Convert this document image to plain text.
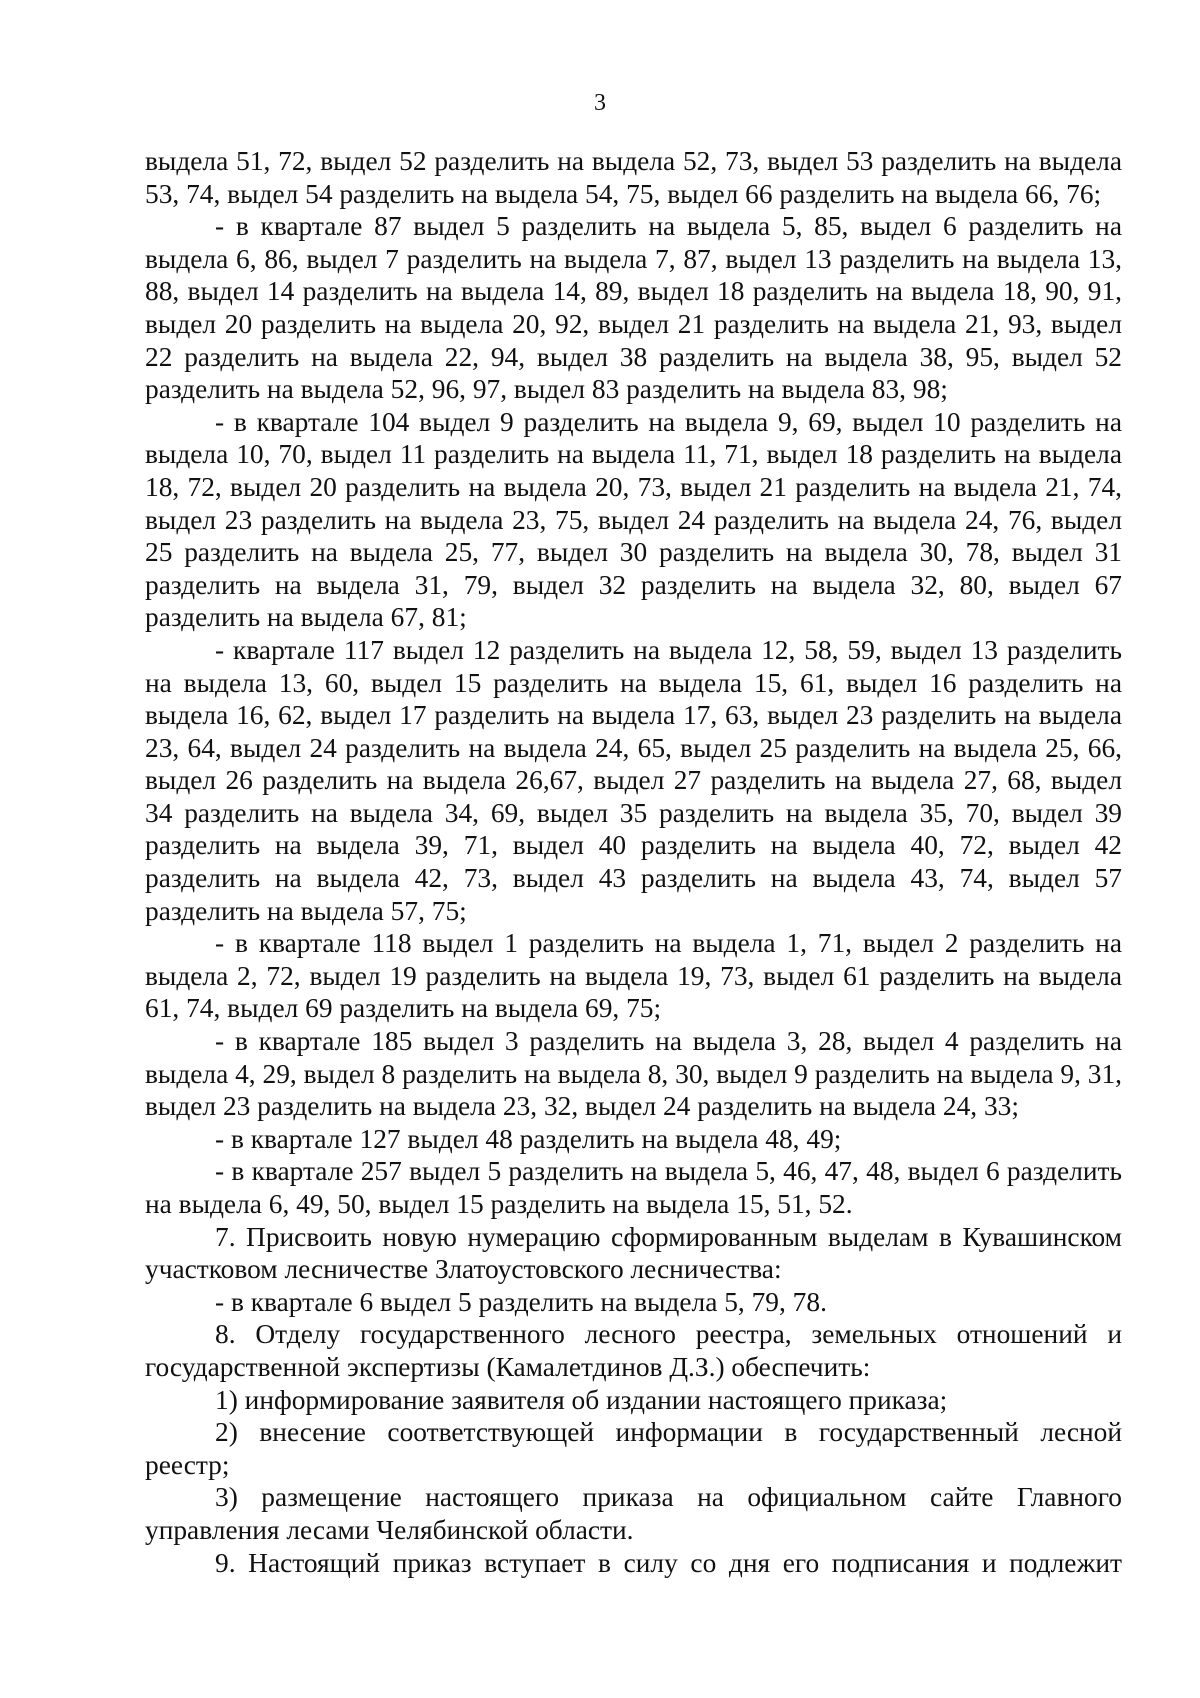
3

выдела 51, 72, выдел 52 разделить на выдела 52, 73, выдел 53 разделить на выдела 53, 74, выдел 54 разделить на выдела 54, 75, выдел 66 разделить на выдела 66, 76;

- в квартале 87 выдел 5 разделить на выдела 5, 85, выдел 6 разделить на выдела 6, 86, выдел 7 разделить на выдела 7, 87, выдел 13 разделить на выдела 13, 88, выдел 14 разделить на выдела 14, 89, выдел 18 разделить на выдела 18, 90, 91, выдел 20 разделить на выдела 20, 92, выдел 21 разделить на выдела 21, 93, выдел 22 разделить на выдела 22, 94, выдел 38 разделить на выдела 38, 95, выдел 52 разделить на выдела 52, 96, 97, выдел 83 разделить на выдела 83, 98;

- в квартале 104 выдел 9 разделить на выдела 9, 69, выдел 10 разделить на выдела 10, 70, выдел 11 разделить на выдела 11, 71, выдел 18 разделить на выдела 18, 72, выдел 20 разделить на выдела 20, 73, выдел 21 разделить на выдела 21, 74, выдел 23 разделить на выдела 23, 75, выдел 24 разделить на выдела 24, 76, выдел 25 разделить на выдела 25, 77, выдел 30 разделить на выдела 30, 78, выдел 31 разделить на выдела 31, 79, выдел 32 разделить на выдела 32, 80, выдел 67 разделить на выдела 67, 81;

- квартале 117 выдел 12 разделить на выдела 12, 58, 59, выдел 13 разделить на выдела 13, 60, выдел 15 разделить на выдела 15, 61, выдел 16 разделить на выдела 16, 62, выдел 17 разделить на выдела 17, 63, выдел 23 разделить на выдела 23, 64, выдел 24 разделить на выдела 24, 65, выдел 25 разделить на выдела 25, 66, выдел 26 разделить на выдела 26,67, выдел 27 разделить на выдела 27, 68, выдел 34 разделить на выдела 34, 69, выдел 35 разделить на выдела 35, 70, выдел 39 разделить на выдела 39, 71, выдел 40 разделить на выдела 40, 72, выдел 42 разделить на выдела 42, 73, выдел 43 разделить на выдела 43, 74, выдел 57 разделить на выдела 57, 75;

- в квартале 118 выдел 1 разделить на выдела 1, 71, выдел 2 разделить на выдела 2, 72, выдел 19 разделить на выдела 19, 73, выдел 61 разделить на выдела 61, 74, выдел 69 разделить на выдела 69, 75;

- в квартале 185 выдел 3 разделить на выдела 3, 28, выдел 4 разделить на выдела 4, 29, выдел 8 разделить на выдела 8, 30, выдел 9 разделить на выдела 9, 31, выдел 23 разделить на выдела 23, 32, выдел 24 разделить на выдела 24, 33;

- в квартале 127 выдел 48 разделить на выдела 48, 49;

- в квартале 257 выдел 5 разделить на выдела 5, 46, 47, 48, выдел 6 разделить на выдела 6, 49, 50, выдел 15 разделить на выдела 15, 51, 52.

7. Присвоить новую нумерацию сформированным выделам в Кувашинском участковом лесничестве Златоустовского лесничества:

- в квартале 6 выдел 5 разделить на выдела 5, 79, 78.

8. Отделу государственного лесного реестра, земельных отношений и государственной экспертизы (Камалетдинов Д.З.) обеспечить:

1) информирование заявителя об издании настоящего приказа;

2) внесение соответствующей информации в государственный лесной реестр;

3) размещение настоящего приказа на официальном сайте Главного управления лесами Челябинской области.

9. Настоящий приказ вступает в силу со дня его подписания и подлежит
